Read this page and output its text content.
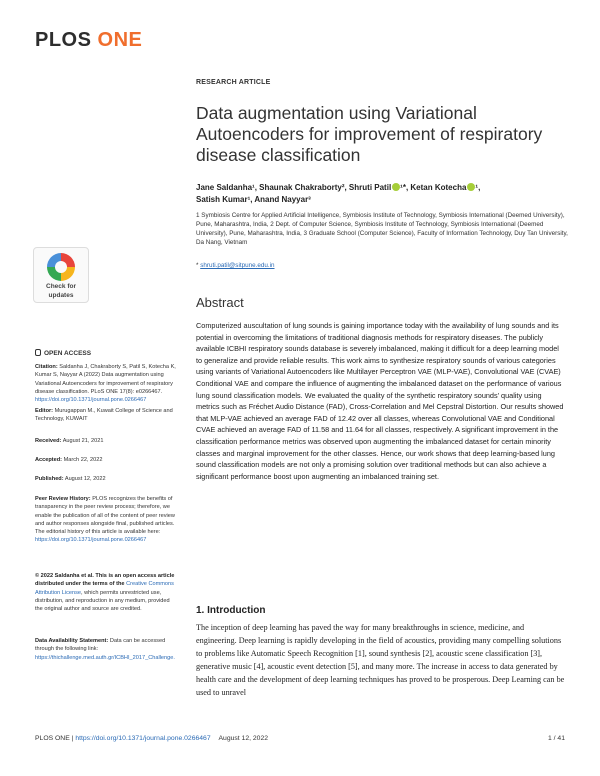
PLOS ONE
RESEARCH ARTICLE
Data augmentation using Variational Autoencoders for improvement of respiratory disease classification
Jane Saldanha¹, Shaunak Chakraborty², Shruti Patil ¹*, Ketan Kotecha ¹,
Satish Kumar¹, Anand Nayyar³
1 Symbiosis Centre for Applied Artificial Intelligence, Symbiosis Institute of Technology, Symbiosis International (Deemed University), Pune, Maharashtra, India, 2 Dept. of Computer Science, Symbiosis Institute of Technology, Symbiosis International (Deemed University), Pune, Maharashtra, India, 3 Graduate School (Computer Science), Faculty of Information Technology, Duy Tan University, Da Nang, Vietnam
* shruti.patil@sitpune.edu.in
Check for
updates
OPEN ACCESS
Citation: Saldanha J, Chakraborty S, Patil S, Kotecha K, Kumar S, Nayyar A (2022) Data augmentation using Variational Autoencoders for improvement of respiratory disease classification. PLoS ONE 17(8): e0266467. https://doi.org/10.1371/journal.pone.0266467
Editor: Murugappan M., Kuwait College of Science and Technology, KUWAIT
Received: August 21, 2021
Accepted: March 22, 2022
Published: August 12, 2022
Peer Review History: PLOS recognizes the benefits of transparency in the peer review process; therefore, we enable the publication of all of the content of peer review and author responses alongside final, published articles. The editorial history of this article is available here: https://doi.org/10.1371/journal.pone.0266467
© 2022 Saldanha et al. This is an open access article distributed under the terms of the Creative Commons Attribution License, which permits unrestricted use, distribution, and reproduction in any medium, provided the original author and source are credited.
Data Availability Statement: Data can be accessed through the following link: https://thichallenge.med.auth.gr/ICBHI_2017_Challenge.
Abstract

Computerized auscultation of lung sounds is gaining importance today with the availability of lung sounds and its potential in overcoming the limitations of traditional diagnosis methods for respiratory diseases. The publicly available ICBHI respiratory sounds database is severely imbalanced, making it difficult for a deep learning model to generalize and provide reliable results. This work aims to synthesize respiratory sounds of various categories using variants of Variational Autoencoders like Multilayer Perceptron VAE (MLP-VAE), Convolutional VAE (CVAE) Conditional VAE and compare the influence of augmenting the imbalanced dataset on the performance of various lung sound classification models. We evaluated the quality of the synthetic respiratory sounds’ quality using metrics such as Fréchet Audio Distance (FAD), Cross-Correlation and Mel Cepstral Distortion. Our results showed that MLP-VAE achieved an average FAD of 12.42 over all classes, whereas Convolutional VAE and Conditional CVAE achieved an average FAD of 11.58 and 11.64 for all classes, respectively. A significant improvement in the classification performance metrics was observed upon augmenting the imbalanced dataset for certain minority classes and marginal improvement for the other classes. Hence, our work shows that deep learning-based lung sound classification models are not only a promising solution over traditional methods but can also achieve a significant performance boost upon augmenting an imbalanced training set.

1. Introduction

The inception of deep learning has paved the way for many breakthroughs in science, medicine, and engineering. Deep learning is rapidly developing in the field of acoustics, providing many compelling solutions to problems like Automatic Speech Recognition [1], sound synthesis [2], acoustic scene classification [3], generative music [4], acoustic event detection [5], and many more. The increase in access to data generated by health care and the development of deep learning techniques has proved to be prosperous. Deep Learning can be used to unravel

PLOS ONE | https://doi.org/10.1371/journal.pone.0266467 August 12, 2022	1 / 41
